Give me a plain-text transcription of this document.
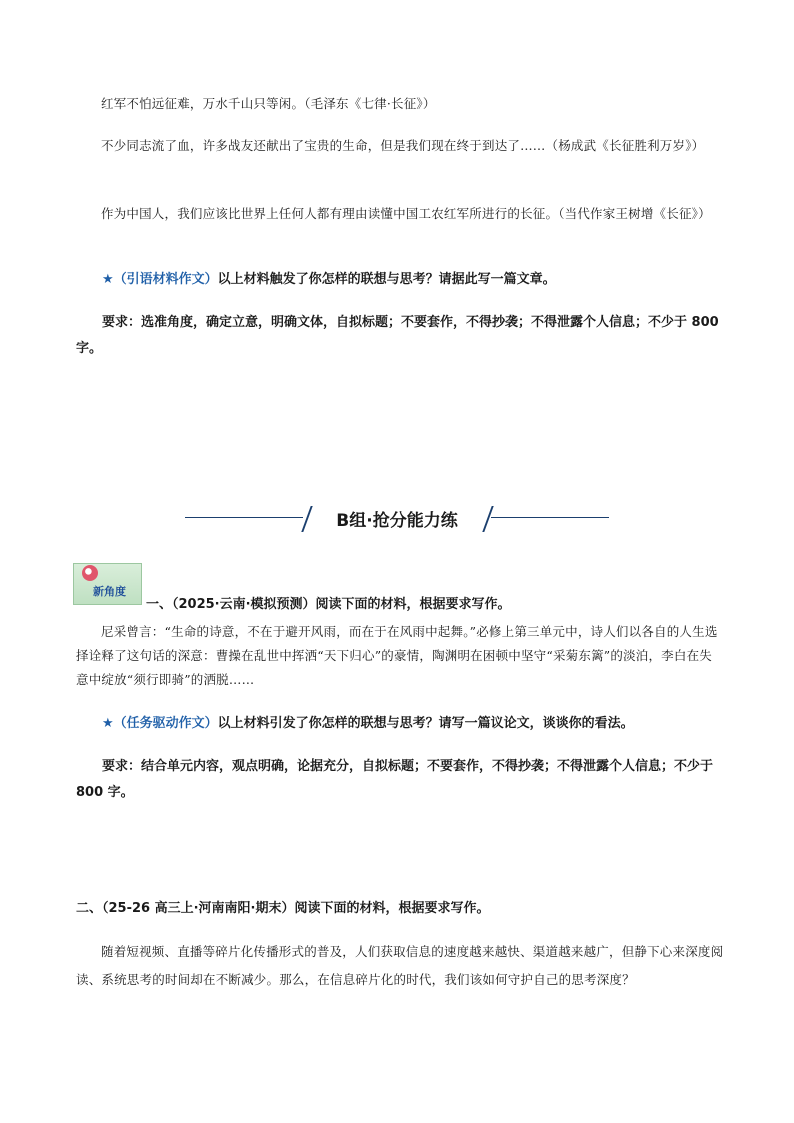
红军不怕远征难，万水千山只等闲。（毛泽东《七律·长征》）

不少同志流了血，许多战友还献出了宝贵的生命，但是我们现在终于到达了……（杨成武《长征胜利万岁》）

作为中国人，我们应该比世界上任何人都有理由读懂中国工农红军所进行的长征。（当代作家王树增《长征》）

★（引语材料作文）以上材料触发了你怎样的联想与思考？请据此写一篇文章。

要求：选准角度，确定立意，明确文体，自拟标题；不要套作，不得抄袭；不得泄露个人信息；不少于 800 字。

B组·抢分能力练
新角度

一、（2025·云南·模拟预测）阅读下面的材料，根据要求写作。

尼采曾言：“生命的诗意，不在于避开风雨，而在于在风雨中起舞。”必修上第三单元中，诗人们以各自的人生选择诠释了这句话的深意：曹操在乱世中挥洒“天下归心”的豪情，陶渊明在困顿中坚守“采菊东篱”的淡泊，李白在失意中绽放“须行即骑”的洒脱……

★（任务驱动作文）以上材料引发了你怎样的联想与思考？请写一篇议论文，谈谈你的看法。

要求：结合单元内容，观点明确，论据充分，自拟标题；不要套作，不得抄袭；不得泄露个人信息；不少于 800 字。

二、（25-26 高三上·河南南阳·期末）阅读下面的材料，根据要求写作。

随着短视频、直播等碎片化传播形式的普及，人们获取信息的速度越来越快、渠道越来越广，但静下心来深度阅读、系统思考的时间却在不断减少。那么，在信息碎片化的时代，我们该如何守护自己的思考深度？
